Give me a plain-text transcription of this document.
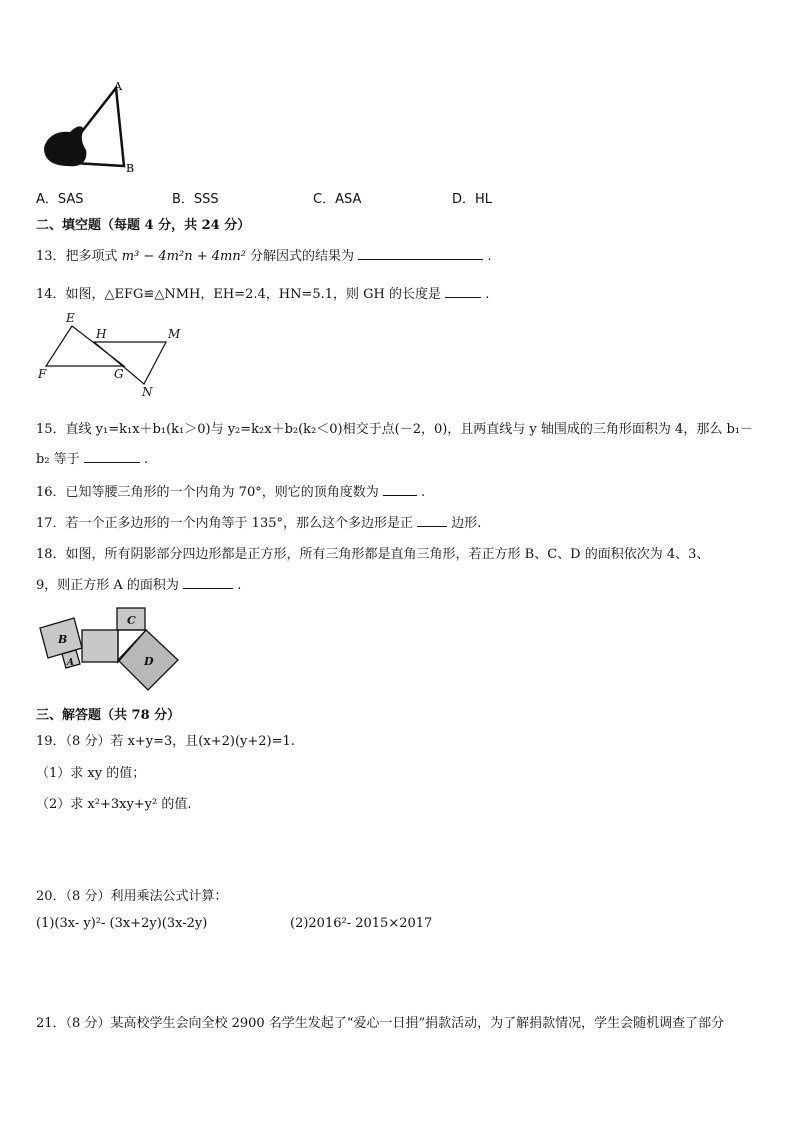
A
B
A．SAS	B．SSS	C．ASA	D．HL
二、填空题（每题 4 分，共 24 分）
13．把多项式 m³ − 4m²n + 4mn² 分解因式的结果为	.
14．如图，△EFG≌△NMH，EH=2.4，HN=5.1，则 GH 的长度是	.
E
H	M
F	G
N
15．直线 y₁=k₁x＋b₁(k₁＞0)与 y₂=k₂x＋b₂(k₂＜0)相交于点(－2，0)，且两直线与 y 轴围成的三角形面积为 4，那么 b₁－
b₂ 等于	.
16．已知等腰三角形的一个内角为 70°，则它的顶角度数为	.
17．若一个正多边形的一个内角等于 135°，那么这个多边形是正	边形.
18．如图，所有阴影部分四边形都是正方形，所有三角形都是直角三角形，若正方形 B、C、D 的面积依次为 4、3、
9，则正方形 A 的面积为	.
B
A
C
D
三、解答题（共 78 分）
19．（8 分）若 x+y=3，且(x+2)(y+2)=1.
（1）求 xy 的值；
（2）求 x²+3xy+y² 的值.
20．（8 分）利用乘法公式计算：
(1)(3x- y)²- (3x+2y)(3x-2y)	(2)2016²- 2015×2017
21．（8 分）某高校学生会向全校 2900 名学生发起了“爱心一日捐”捐款活动，为了解捐款情况，学生会随机调查了部分
